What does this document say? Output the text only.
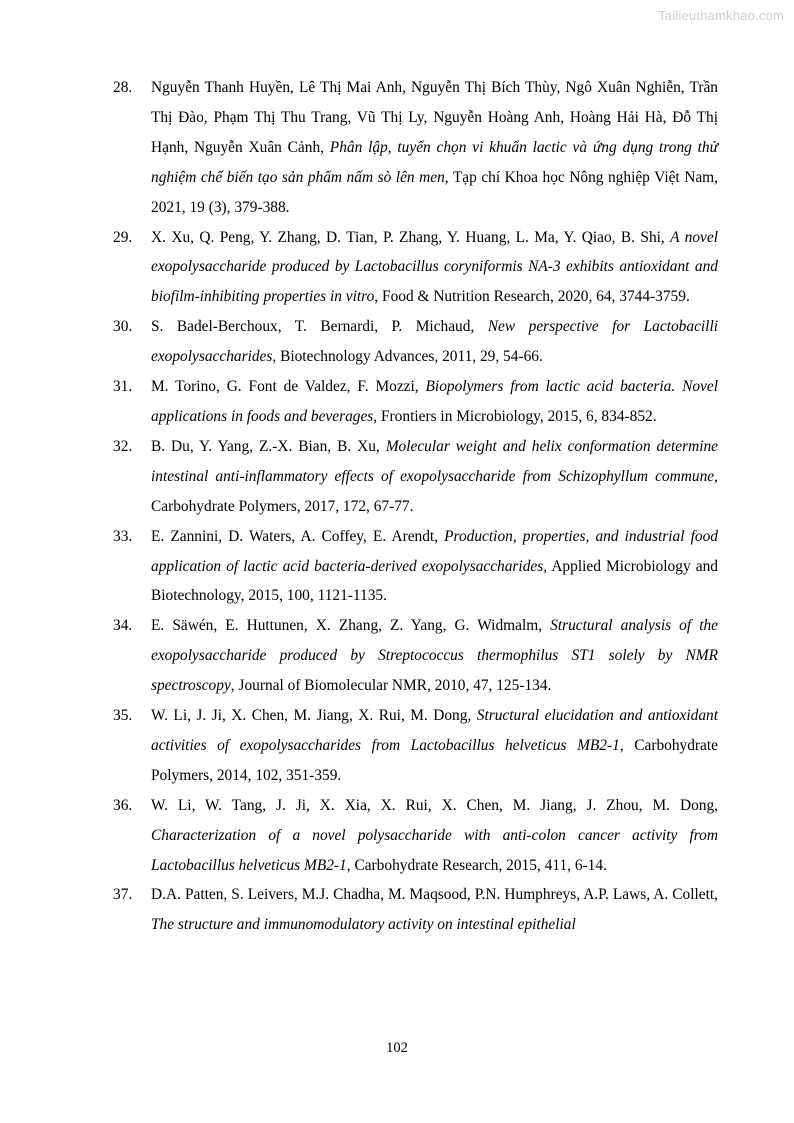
Tailieuthamkhao.com
28. Nguyễn Thanh Huyền, Lê Thị Mai Anh, Nguyễn Thị Bích Thùy, Ngô Xuân Nghiễn, Trần Thị Đào, Phạm Thị Thu Trang, Vũ Thị Ly, Nguyễn Hoàng Anh, Hoàng Hải Hà, Đỗ Thị Hạnh, Nguyễn Xuân Cảnh, Phân lập, tuyển chọn vi khuẩn lactic và ứng dụng trong thử nghiệm chế biến tạo sản phẩm nấm sò lên men, Tạp chí Khoa học Nông nghiệp Việt Nam, 2021, 19 (3), 379-388.
29. X. Xu, Q. Peng, Y. Zhang, D. Tian, P. Zhang, Y. Huang, L. Ma, Y. Qiao, B. Shi, A novel exopolysaccharide produced by Lactobacillus coryniformis NA-3 exhibits antioxidant and biofilm-inhibiting properties in vitro, Food & Nutrition Research, 2020, 64, 3744-3759.
30. S. Badel-Berchoux, T. Bernardi, P. Michaud, New perspective for Lactobacilli exopolysaccharides, Biotechnology Advances, 2011, 29, 54-66.
31. M. Torino, G. Font de Valdez, F. Mozzi, Biopolymers from lactic acid bacteria. Novel applications in foods and beverages, Frontiers in Microbiology, 2015, 6, 834-852.
32. B. Du, Y. Yang, Z.-X. Bian, B. Xu, Molecular weight and helix conformation determine intestinal anti-inflammatory effects of exopolysaccharide from Schizophyllum commune, Carbohydrate Polymers, 2017, 172, 67-77.
33. E. Zannini, D. Waters, A. Coffey, E. Arendt, Production, properties, and industrial food application of lactic acid bacteria-derived exopolysaccharides, Applied Microbiology and Biotechnology, 2015, 100, 1121-1135.
34. E. Säwén, E. Huttunen, X. Zhang, Z. Yang, G. Widmalm, Structural analysis of the exopolysaccharide produced by Streptococcus thermophilus ST1 solely by NMR spectroscopy, Journal of Biomolecular NMR, 2010, 47, 125-134.
35. W. Li, J. Ji, X. Chen, M. Jiang, X. Rui, M. Dong, Structural elucidation and antioxidant activities of exopolysaccharides from Lactobacillus helveticus MB2-1, Carbohydrate Polymers, 2014, 102, 351-359.
36. W. Li, W. Tang, J. Ji, X. Xia, X. Rui, X. Chen, M. Jiang, J. Zhou, M. Dong, Characterization of a novel polysaccharide with anti-colon cancer activity from Lactobacillus helveticus MB2-1, Carbohydrate Research, 2015, 411, 6-14.
37. D.A. Patten, S. Leivers, M.J. Chadha, M. Maqsood, P.N. Humphreys, A.P. Laws, A. Collett, The structure and immunomodulatory activity on intestinal epithelial
102
